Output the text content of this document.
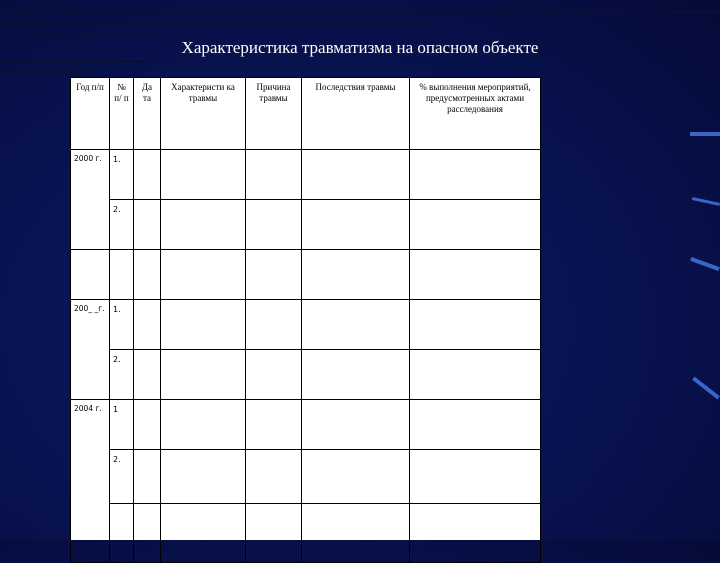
Характеристика травматизма на опасном объекте
Год п/п	№ п/ п	Да та	Характеристи ка травмы	Причина травмы	Последствия травмы	% выполнения мероприятий, предусмотренных актами расследования
2000 г.	1.					
	2.					

200_ _г.	1.					
	2.					
2004 г.	1					
	2.					
